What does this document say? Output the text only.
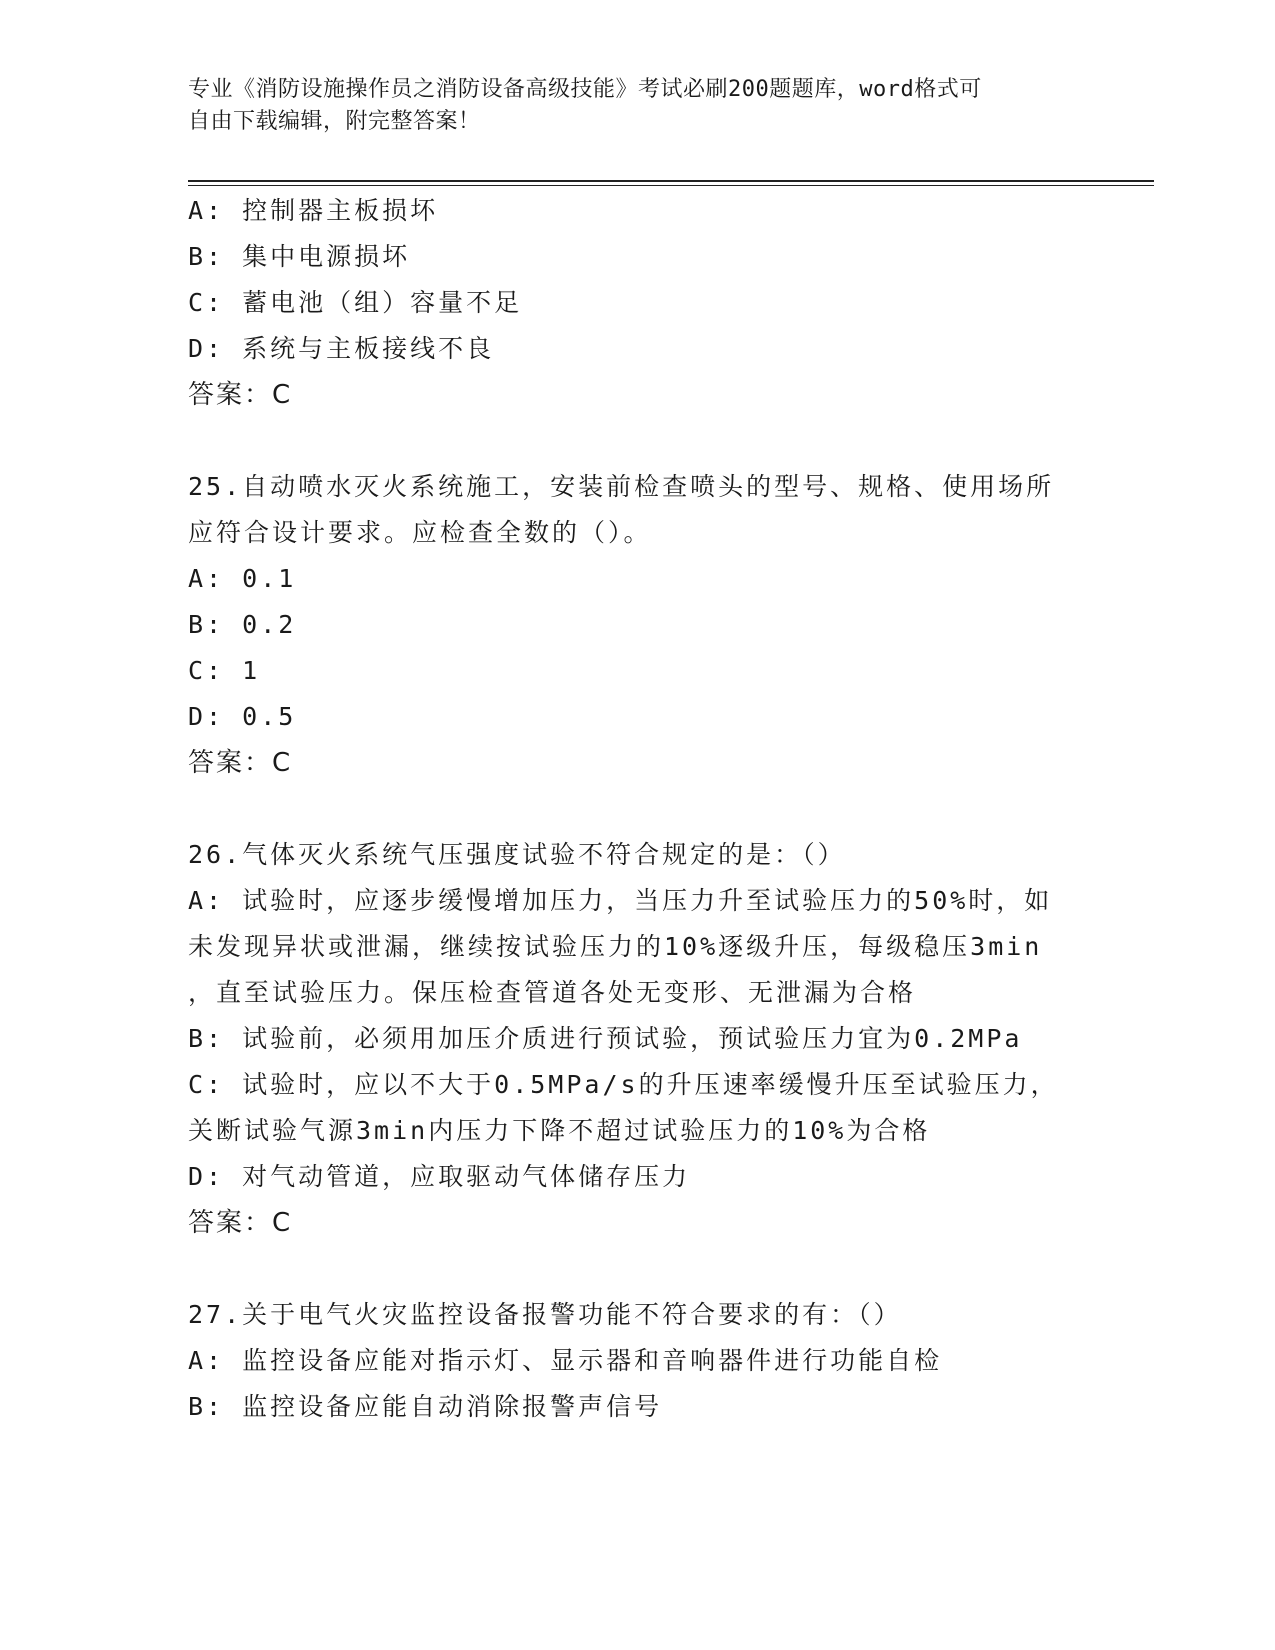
专业《消防设施操作员之消防设备高级技能》考试必刷200题题库，word格式可
自由下载编辑，附完整答案！
A: 控制器主板损坏
B: 集中电源损坏
C: 蓄电池（组）容量不足
D: 系统与主板接线不良
答案：C
25.自动喷水灭火系统施工，安装前检查喷头的型号、规格、使用场所
应符合设计要求。应检查全数的（）。
A: 0.1
B: 0.2
C: 1
D: 0.5
答案：C
26.气体灭火系统气压强度试验不符合规定的是：（）
A: 试验时，应逐步缓慢增加压力，当压力升至试验压力的50%时，如
未发现异状或泄漏，继续按试验压力的10%逐级升压，每级稳压3min
，直至试验压力。保压检查管道各处无变形、无泄漏为合格
B: 试验前，必须用加压介质进行预试验，预试验压力宜为0.2MPa
C: 试验时，应以不大于0.5MPa/s的升压速率缓慢升压至试验压力，
关断试验气源3min内压力下降不超过试验压力的10%为合格
D: 对气动管道，应取驱动气体储存压力
答案：C
27.关于电气火灾监控设备报警功能不符合要求的有：（）
A: 监控设备应能对指示灯、显示器和音响器件进行功能自检
B: 监控设备应能自动消除报警声信号
